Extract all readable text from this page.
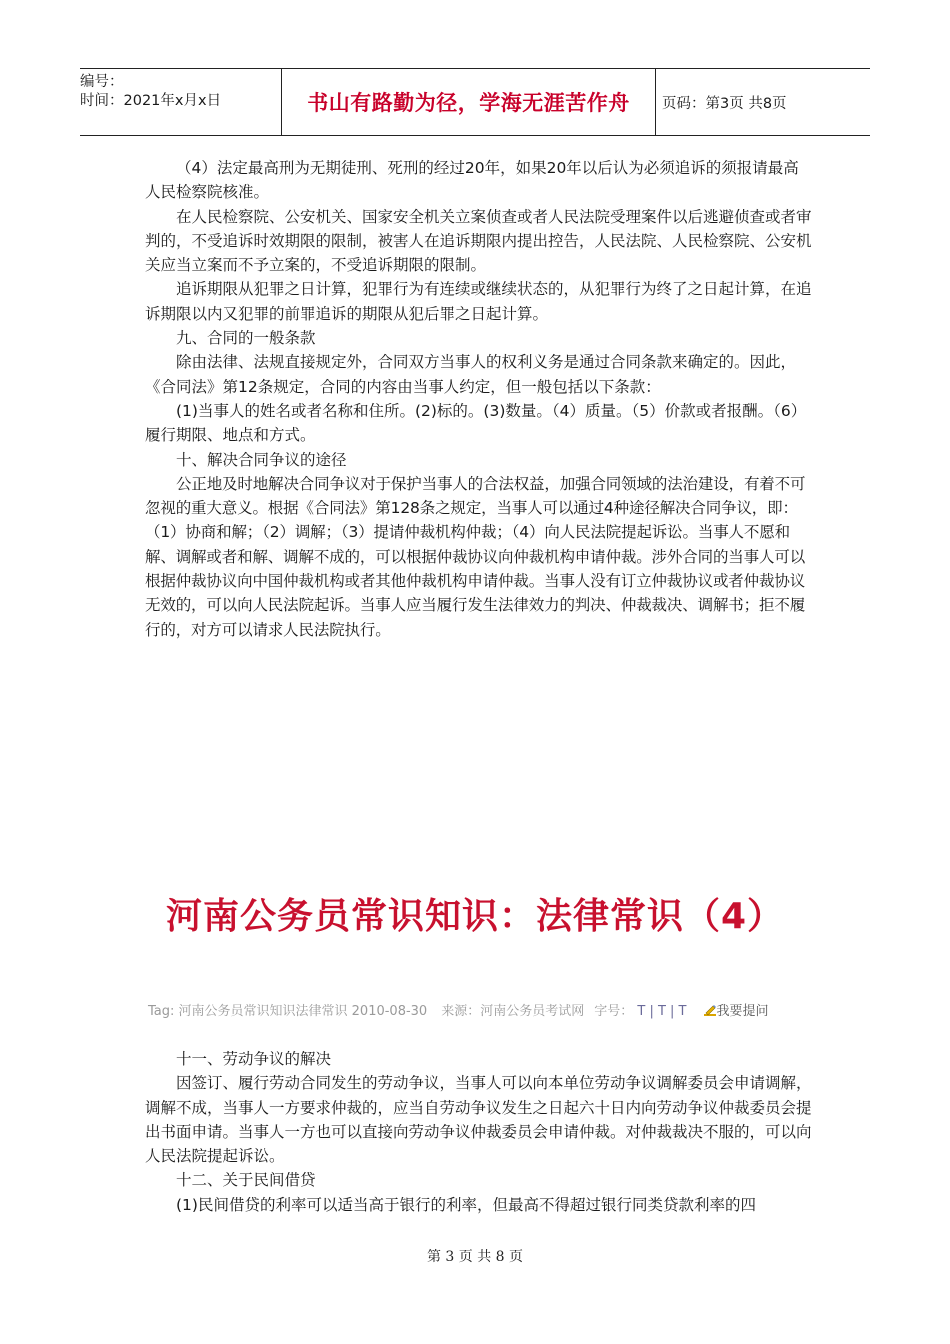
编号：
时间：2021年x月x日	书山有路勤为径，学海无涯苦作舟	页码：第3页 共8页

（4）法定最高刑为无期徒刑、死刑的经过20年，如果20年以后认为必须追诉的须报请最高人民检察院核准。

在人民检察院、公安机关、国家安全机关立案侦查或者人民法院受理案件以后逃避侦查或者审判的，不受追诉时效期限的限制，被害人在追诉期限内提出控告，人民法院、人民检察院、公安机关应当立案而不予立案的，不受追诉期限的限制。

追诉期限从犯罪之日计算，犯罪行为有连续或继续状态的，从犯罪行为终了之日起计算，在追诉期限以内又犯罪的前罪追诉的期限从犯后罪之日起计算。

九、合同的一般条款

除由法律、法规直接规定外，合同双方当事人的权利义务是通过合同条款来确定的。因此，《合同法》第12条规定，合同的内容由当事人约定，但一般包括以下条款：

(1)当事人的姓名或者名称和住所。(2)标的。(3)数量。（4）质量。（5）价款或者报酬。（6）履行期限、地点和方式。

十、解决合同争议的途径

公正地及时地解决合同争议对于保护当事人的合法权益，加强合同领域的法治建设，有着不可忽视的重大意义。根据《合同法》第128条之规定，当事人可以通过4种途径解决合同争议，即：（1）协商和解；（2）调解；（3）提请仲裁机构仲裁；（4）向人民法院提起诉讼。当事人不愿和解、调解或者和解、调解不成的，可以根据仲裁协议向仲裁机构申请仲裁。涉外合同的当事人可以根据仲裁协议向中国仲裁机构或者其他仲裁机构申请仲裁。当事人没有订立仲裁协议或者仲裁协议无效的，可以向人民法院起诉。当事人应当履行发生法律效力的判决、仲裁裁决、调解书；拒不履行的，对方可以请求人民法院执行。

河南公务员常识知识：法律常识（4）
Tag: 河南公务员常识知识法律常识 2010-08-30 来源：河南公务员考试网 字号： T | T | T 我要提问

十一、劳动争议的解决

因签订、履行劳动合同发生的劳动争议，当事人可以向本单位劳动争议调解委员会申请调解，调解不成，当事人一方要求仲裁的，应当自劳动争议发生之日起六十日内向劳动争议仲裁委员会提出书面申请。当事人一方也可以直接向劳动争议仲裁委员会申请仲裁。对仲裁裁决不服的，可以向人民法院提起诉讼。

十二、关于民间借贷

(1)民间借贷的利率可以适当高于银行的利率，但最高不得超过银行同类贷款利率的四

第 3 页 共 8 页
